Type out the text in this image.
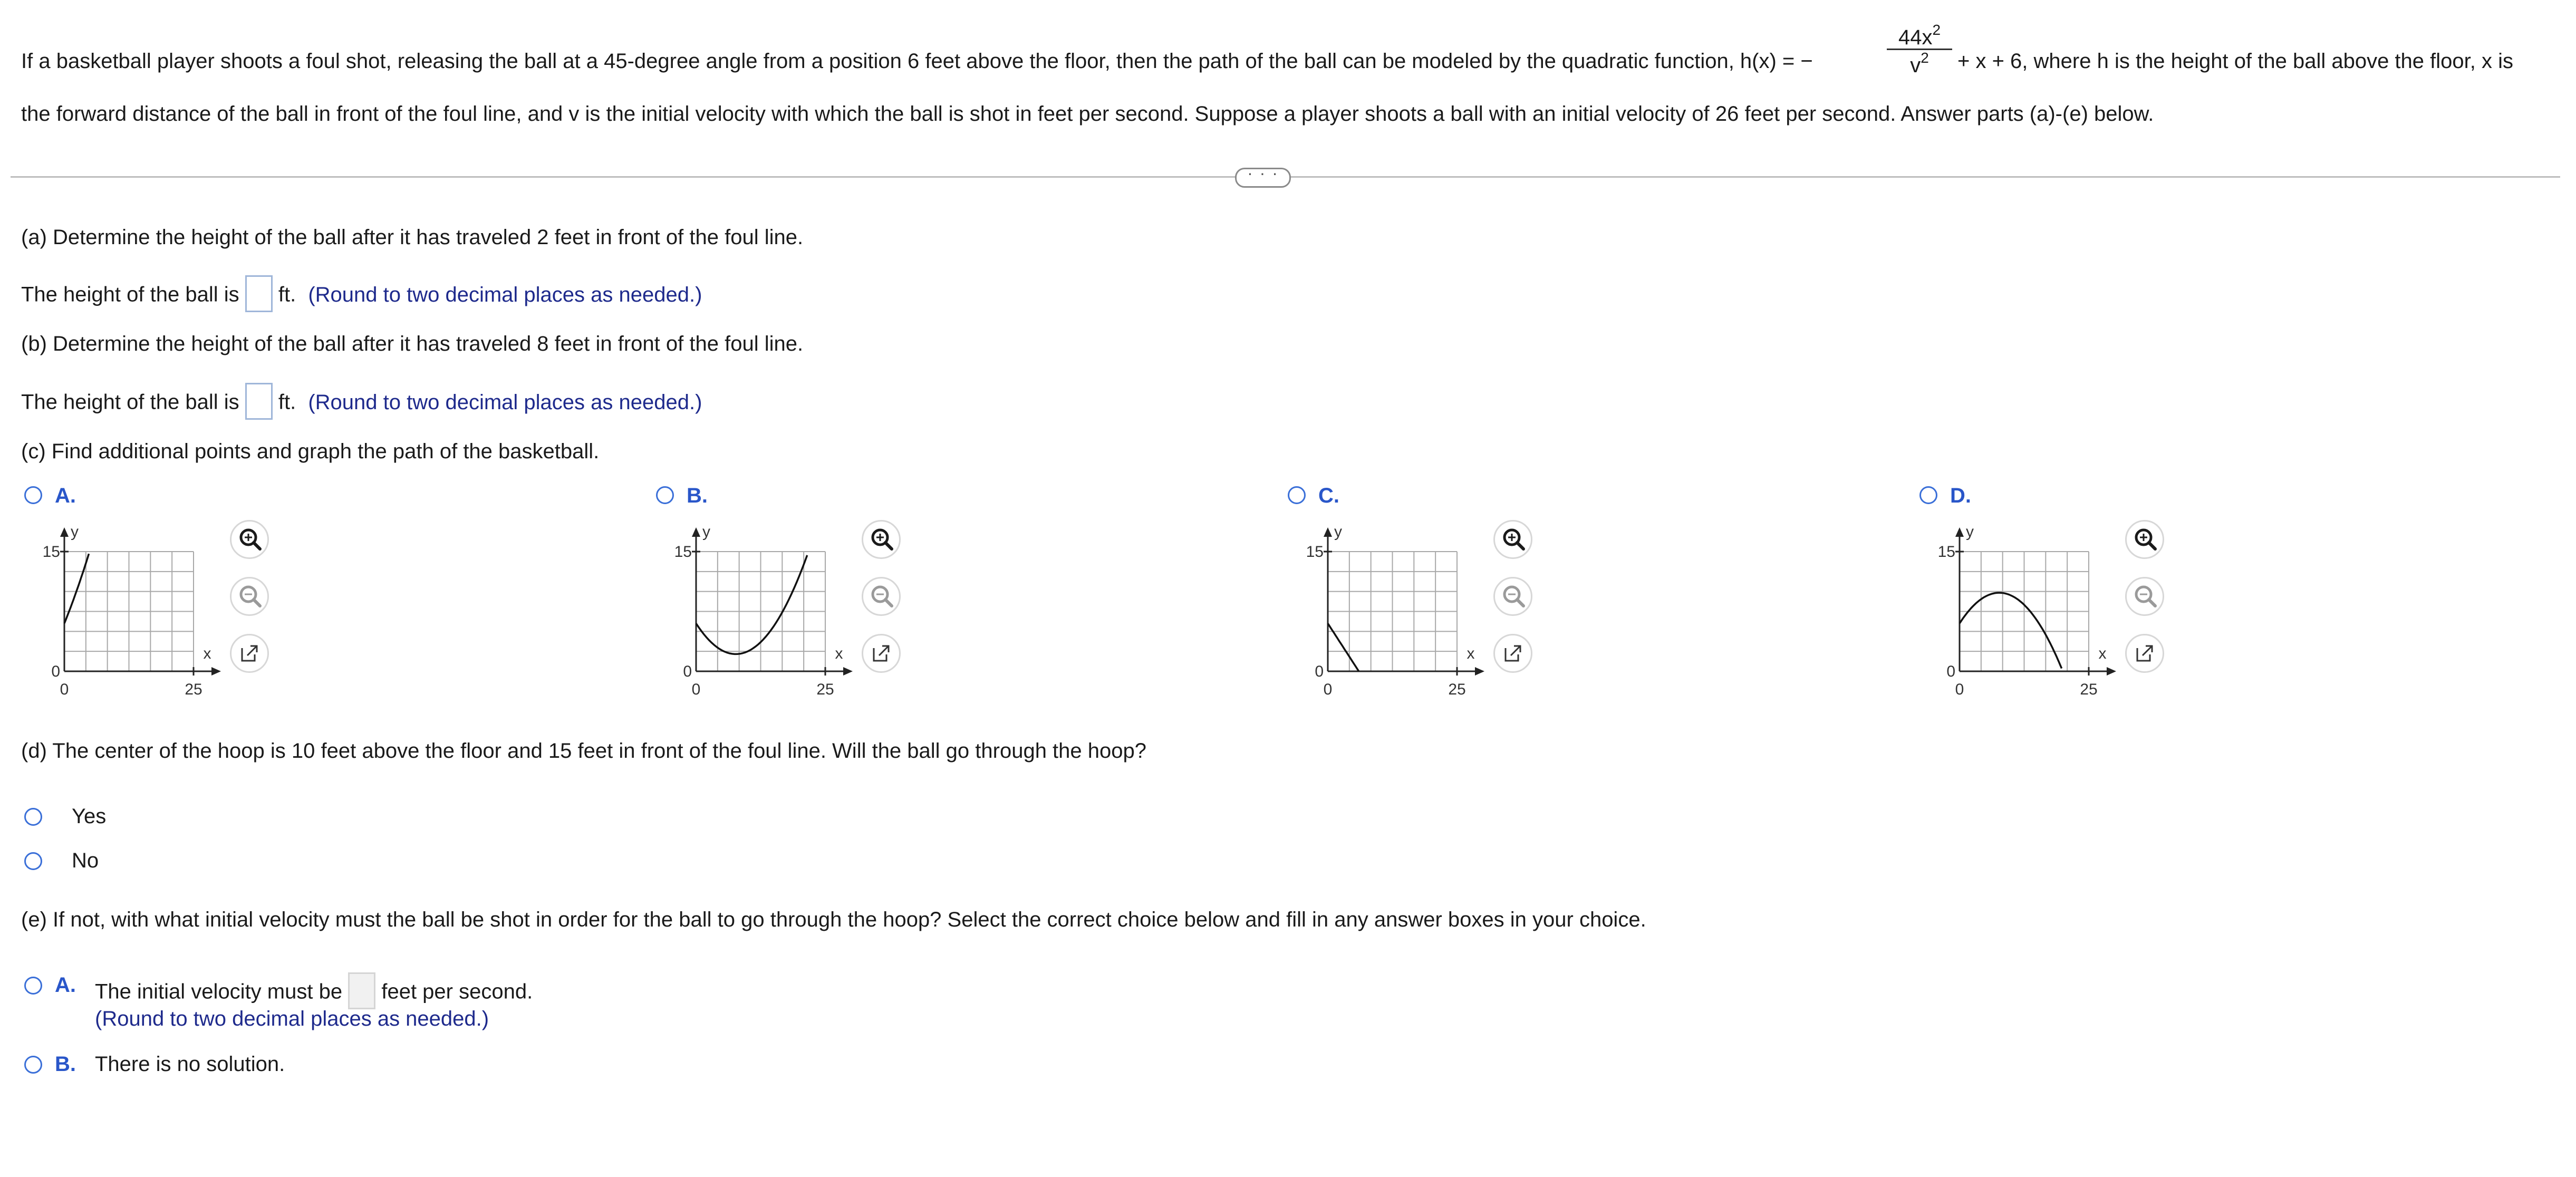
If a basketball player shoots a foul shot, releasing the ball at a 45-degree angle from a position 6 feet above the floor, then the path of the ball can be modeled by the quadratic function, h(x) = −	$\frac{44x^2}{v^2} + x + 6$, where h is the height of the ball above the floor, x is
the forward distance of the ball in front of the foul line, and v is the initial velocity with which the ball is shot in feet per second. Suppose a player shoots a ball with an initial velocity of 26 feet per second. Answer parts (a)-(e) below.
· · ·
(a) Determine the height of the ball after it has traveled 2 feet in front of the foul line.
The height of the ball is ft. (Round to two decimal places as needed.)
(b) Determine the height of the ball after it has traveled 8 feet in front of the foul line.
The height of the ball is ft. (Round to two decimal places as needed.)
(c) Find additional points and graph the path of the basketball.
A.
y
x
15
0
0	25
B.
y
x
15
0
0	25
C.
y
x
15
0
0	25
D.
y
x
15
0
0	25
(d) The center of the hoop is 10 feet above the floor and 15 feet in front of the foul line. Will the ball go through the hoop?
Yes
No
(e) If not, with what initial velocity must the ball be shot in order for the ball to go through the hoop? Select the correct choice below and fill in any answer boxes in your choice.
A. The initial velocity must be feet per second.
(Round to two decimal places as needed.)
B. There is no solution.
